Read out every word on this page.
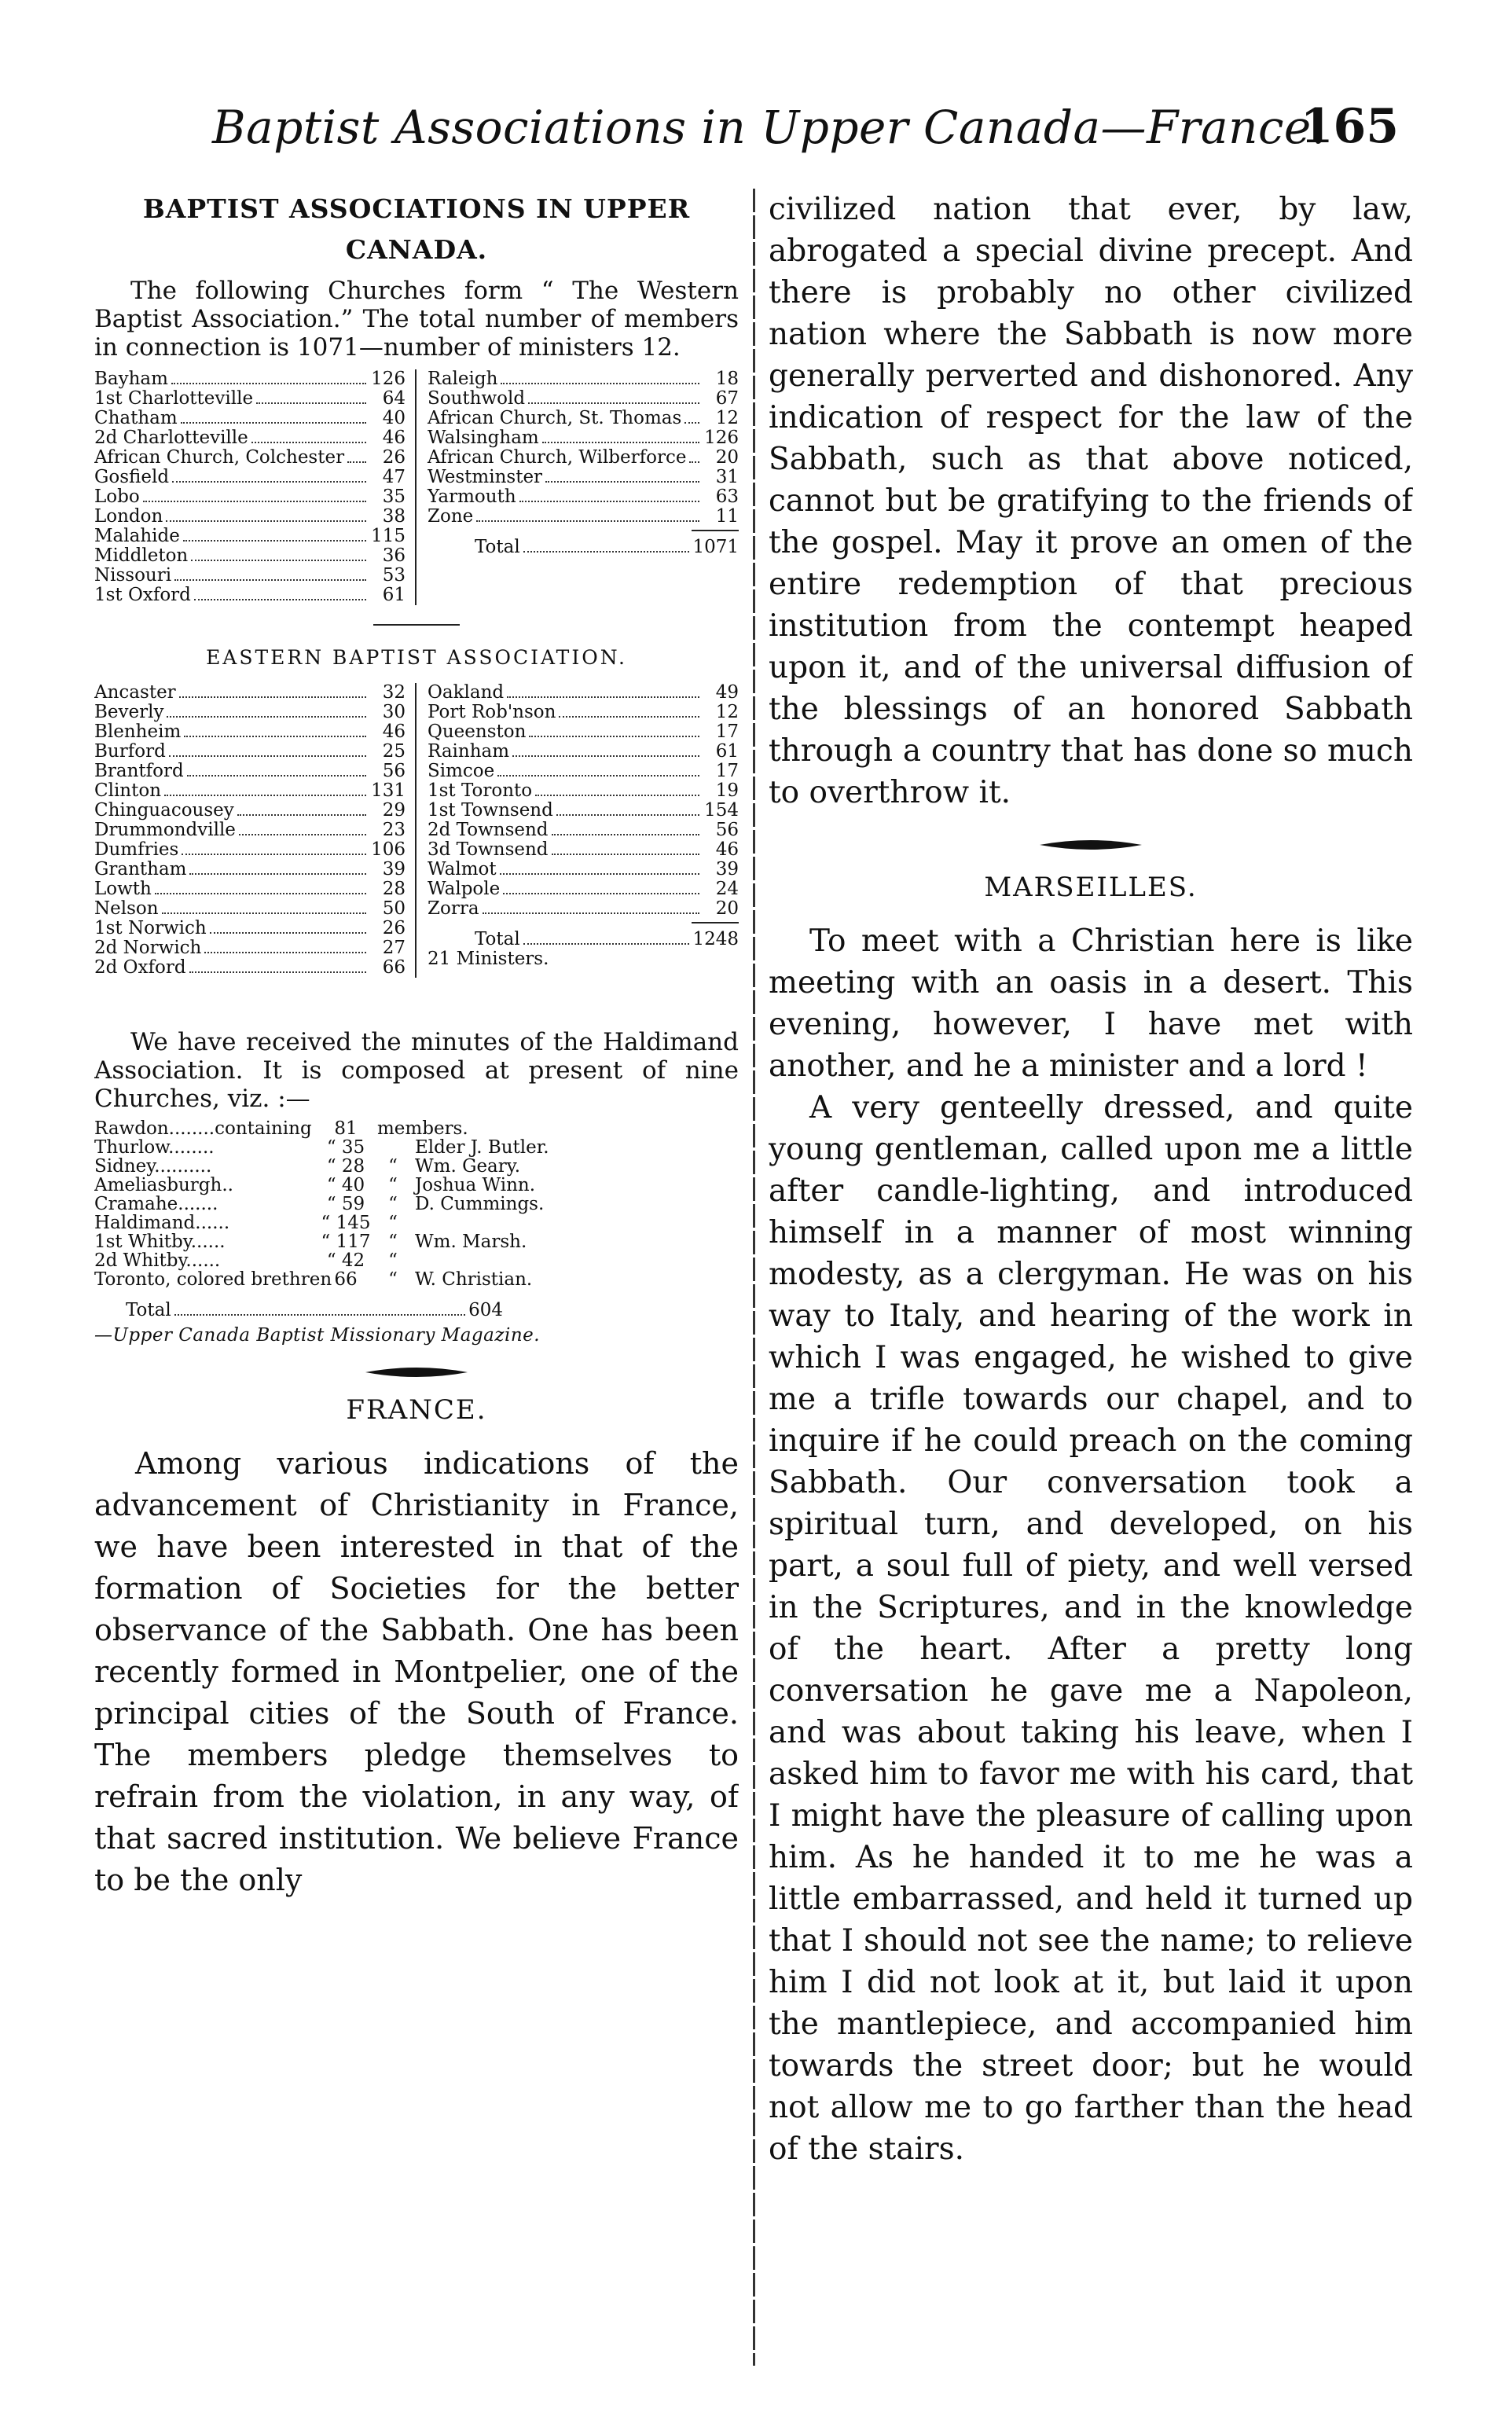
Baptist Associations in Upper Canada—France.
165

BAPTIST ASSOCIATIONS IN UPPER CANADA.

The following Churches form “ The Western Baptist Association.” The total number of members in connection is 1071—number of ministers 12.

Bayham	126
1st Charlotteville	64
Chatham	40
2d Charlotteville	46
African Church, Colchester	26
Gosfield	47
Lobo	35
London	38
Malahide	115
Middleton	36
Nissouri	53
1st Oxford	61
Raleigh	18
Southwold	67
African Church, St. Thomas	12
Walsingham	126
African Church, Wilberforce	20
Westminster	31
Yarmouth	63
Zone	11
Total	1071

EASTERN BAPTIST ASSOCIATION.

Ancaster	32
Beverly	30
Blenheim	46
Burford	25
Brantford	56
Clinton	131
Chinguacousey	29
Drummondville	23
Dumfries	106
Grantham	39
Lowth	28
Nelson	50
1st Norwich	26
2d Norwich	27
2d Oxford	66
Oakland	49
Port Rob'nson	12
Queenston	17
Rainham	61
Simcoe	17
1st Toronto	19
1st Townsend	154
2d Townsend	56
3d Townsend	46
Walmot	39
Walpole	24
Zorra	20
Total	1248
21 Ministers.

We have received the minutes of the Haldimand Association. It is composed at present of nine Churches, viz. :—

Rawdon........containing	81	members.
Thurlow........	“ 35	Elder J. Butler.
Sidney..........	“ 28	“ Wm. Geary.
Ameliasburgh..	“ 40	“ Joshua Winn.
Cramahe.......	“ 59	“ D. Cummings.
Haldimand......	“ 145 “
1st Whitby......	“ 117 “ Wm. Marsh.
2d Whitby......	“ 42	“
Toronto, colored brethren 66	“ W. Christian.
Total	604
—Upper Canada Baptist Missionary Magazine.

FRANCE.

Among various indications of the advancement of Christianity in France, we have been interested in that of the formation of Societies for the better observance of the Sabbath. One has been recently formed in Montpelier, one of the principal cities of the South of France. The members pledge themselves to refrain from the violation, in any way, of that sacred institution. We believe France to be the only

civilized nation that ever, by law, abrogated a special divine precept. And there is probably no other civilized nation where the Sabbath is now more generally perverted and dishonored. Any indication of respect for the law of the Sabbath, such as that above noticed, cannot but be gratifying to the friends of the gospel. May it prove an omen of the entire redemption of that precious institution from the contempt heaped upon it, and of the universal diffusion of the blessings of an honored Sabbath through a country that has done so much to overthrow it.

MARSEILLES.

To meet with a Christian here is like meeting with an oasis in a desert. This evening, however, I have met with another, and he a minister and a lord !

A very genteelly dressed, and quite young gentleman, called upon me a little after candle-lighting, and introduced himself in a manner of most winning modesty, as a clergyman. He was on his way to Italy, and hearing of the work in which I was engaged, he wished to give me a trifle towards our chapel, and to inquire if he could preach on the coming Sabbath. Our conversation took a spiritual turn, and developed, on his part, a soul full of piety, and well versed in the Scriptures, and in the knowledge of the heart. After a pretty long conversation he gave me a Napoleon, and was about taking his leave, when I asked him to favor me with his card, that I might have the pleasure of calling upon him. As he handed it to me he was a little embarrassed, and held it turned up that I should not see the name; to relieve him I did not look at it, but laid it upon the mantlepiece, and accompanied him towards the street door; but he would not allow me to go farther than the head of the stairs.
